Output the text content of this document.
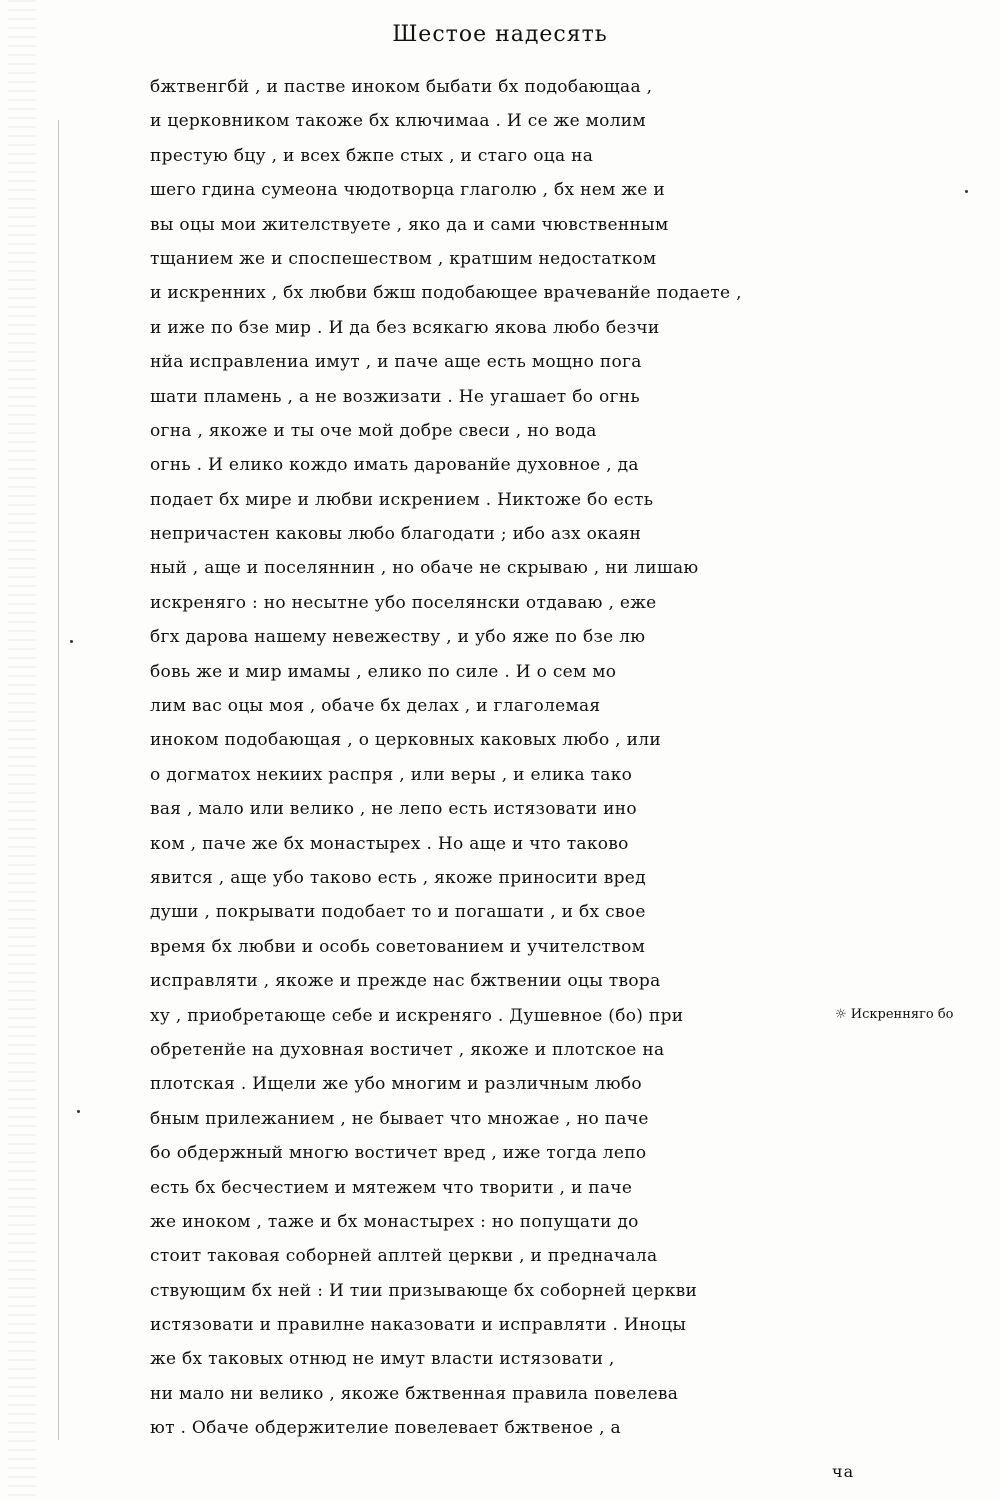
Шестое надесять
бжтвенгбй , и пастве иноком быбати бх подобающаа ,
и церковником такоже бх ключимаа . И се же молим
престую бцу , и всех бжпе стых , и стаго оца на
шего гдина сумеона чюдотворца глаголю , бх нем же и
вы оцы мои жителствуете , яко да и сами чювственным
тщанием же и споспешеством , кратшим недостатком
и искренних , бх любви бжш подобающее врачеванйе подаете ,
и иже по бзе мир . И да без всякагю якова любо безчи
нйа исправлениа имут , и паче аще есть мощно пога
шати пламень , а не возжизати . Не угашает бо огнь
огна , якоже и ты оче мой добре свеси , но вода
огнь . И елико кождо имать дарованйе духовное , да
подает бх мире и любви искрением . Никтоже бо есть
непричастен каковы любо благодати ; ибо азх окаян
ный , аще и поселяннин , но обаче не скрываю , ни лишаю
искреняго : но несытне убо поселянски отдаваю , еже
бгх дарова нашему невежеству , и убо яже по бзе лю
бовь же и мир имамы , елико по силе . И о сем мо
лим вас оцы моя , обаче бх делах , и глаголемая
иноком подобающая , о церковных каковых любо , или
о догматох некиих распря , или веры , и елика тако
вая , мало или велико , не лепо есть истязовати ино
ком , паче же бх монастырех . Но аще и что таково
явится , аще убо таково есть , якоже приносити вред
души , покрывати подобает то и погашати , и бх свое
время бх любви и особь советованием и учителством
исправляти , якоже и прежде нас бжтвении оцы твора
ху , приобретающе себе и искреняго . Душевное (бо) при
обретенйе на духовная востичет , якоже и плотское на
плотская . Ищели же убо многим и различным любо
бным прилежанием , не бывает что множае , но паче
бо обдержный многю востичет вред , иже тогда лепо
есть бх бесчестием и мятежем что творити , и паче
же иноком , таже и бх монастырех : но попущати до
стоит таковая соборней аплтей церкви , и предначала
ствующим бх ней : И тии призывающе бх соборней церкви
истязовати и правилне наказовати и исправляти . Иноцы
же бх таковых отнюд не имут власти истязовати ,
ни мало ни велико , якоже бжтвенная правила повелева
ют . Обаче обдержителие повелевает бжтвеное , а
☼ Искренняго бо
ча
